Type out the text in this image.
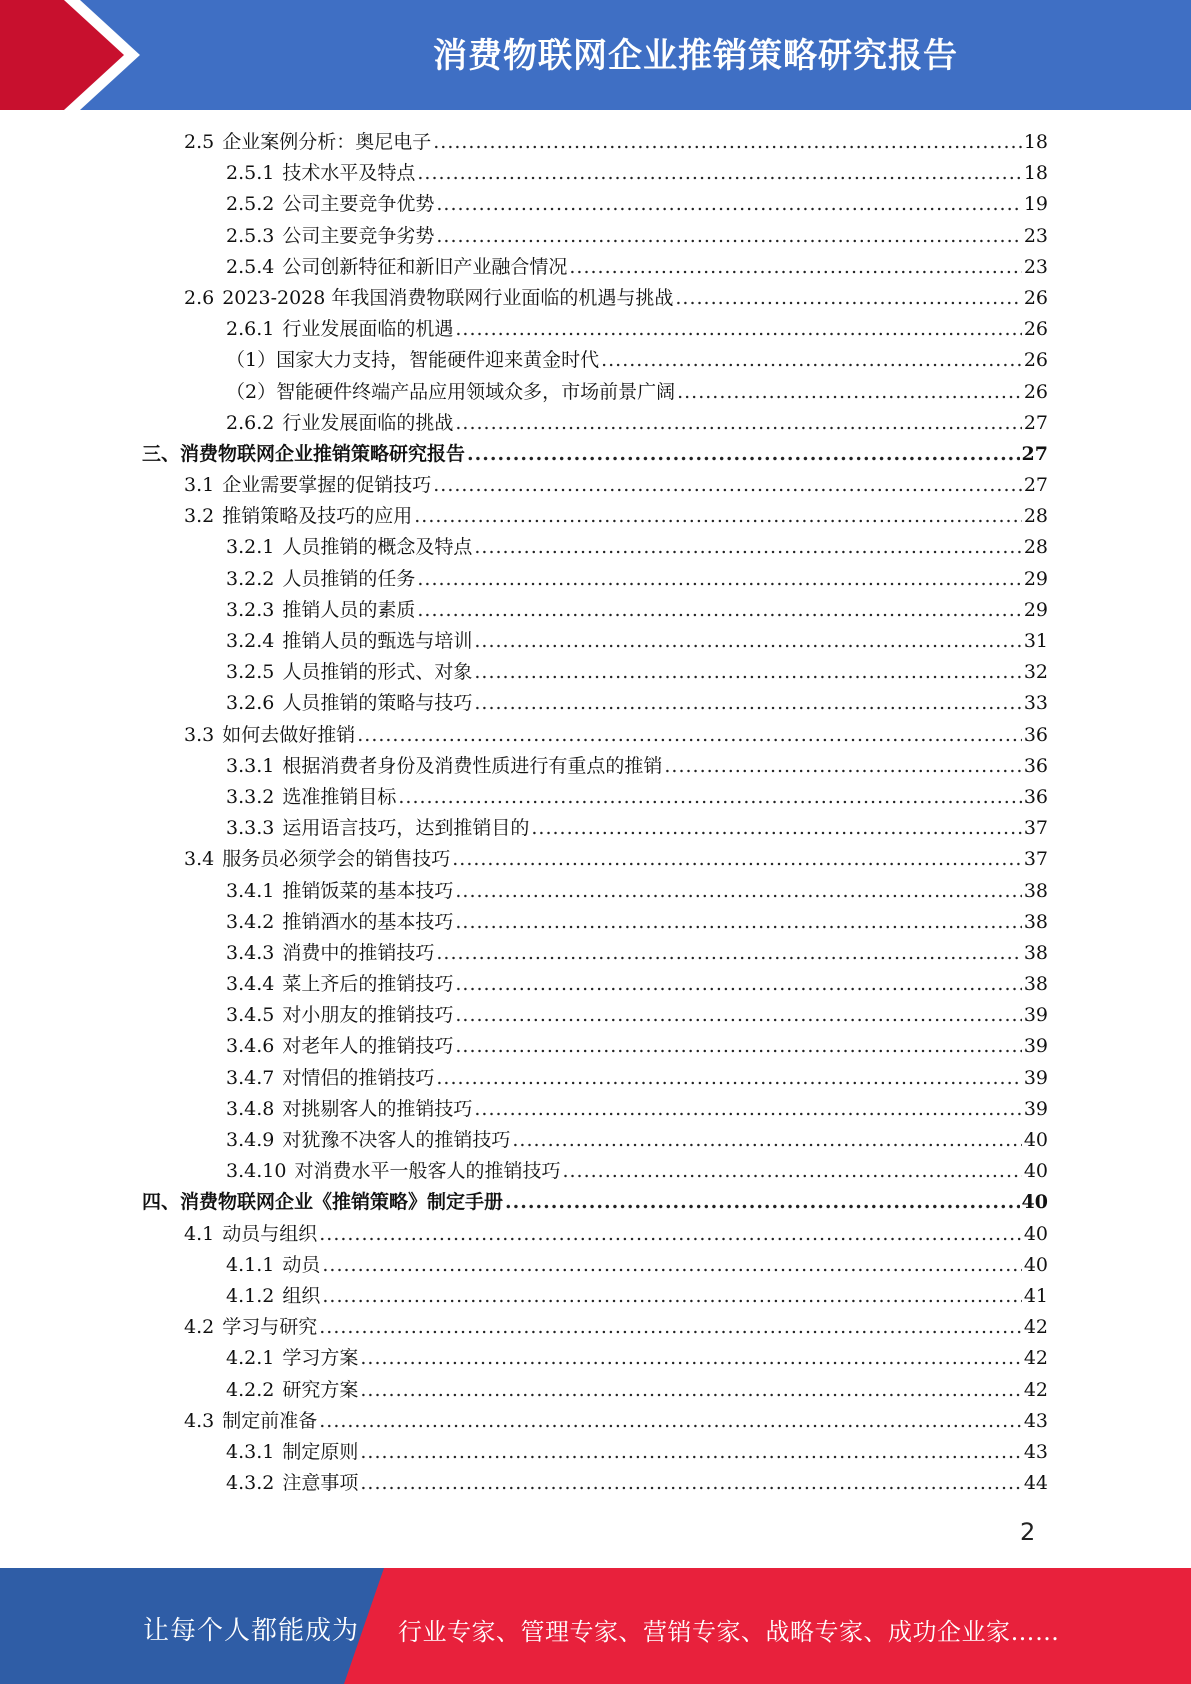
消费物联网企业推销策略研究报告
2.5 企业案例分析：奥尼电子 .....	18
2.5.1 技术水平及特点 .....	18
2.5.2 公司主要竞争优势 .....	19
2.5.3 公司主要竞争劣势 .....	23
2.5.4 公司创新特征和新旧产业融合情况 .....	23
2.6 2023-2028 年我国消费物联网行业面临的机遇与挑战 .....	26
2.6.1 行业发展面临的机遇 .....	26
（1）国家大力支持，智能硬件迎来黄金时代 .....	26
（2）智能硬件终端产品应用领域众多，市场前景广阔 .....	26
2.6.2 行业发展面临的挑战 .....	27
三、 消费物联网企业推销策略研究报告 .....	27
3.1 企业需要掌握的促销技巧 .....	27
3.2 推销策略及技巧的应用 .....	28
3.2.1 人员推销的概念及特点 .....	28
3.2.2 人员推销的任务 .....	29
3.2.3 推销人员的素质 .....	29
3.2.4 推销人员的甄选与培训 .....	31
3.2.5 人员推销的形式、对象 .....	32
3.2.6 人员推销的策略与技巧 .....	33
3.3 如何去做好推销 .....	36
3.3.1 根据消费者身份及消费性质进行有重点的推销 .....	36
3.3.2 选准推销目标 .....	36
3.3.3 运用语言技巧，达到推销目的 .....	37
3.4 服务员必须学会的销售技巧 .....	37
3.4.1 推销饭菜的基本技巧 .....	38
3.4.2 推销酒水的基本技巧 .....	38
3.4.3 消费中的推销技巧 .....	38
3.4.4 菜上齐后的推销技巧 .....	38
3.4.5 对小朋友的推销技巧 .....	39
3.4.6 对老年人的推销技巧 .....	39
3.4.7 对情侣的推销技巧 .....	39
3.4.8 对挑剔客人的推销技巧 .....	39
3.4.9 对犹豫不决客人的推销技巧 .....	40
3.4.10 对消费水平一般客人的推销技巧 .....	40
四、 消费物联网企业《推销策略》制定手册 .....	40
4.1 动员与组织 .....	40
4.1.1 动员 .....	40
4.1.2 组织 .....	41
4.2 学习与研究 .....	42
4.2.1 学习方案 .....	42
4.2.2 研究方案 .....	42
4.3 制定前准备 .....	43
4.3.1 制定原则 .....	43
4.3.2 注意事项 .....	44
2
让每个人都能成为 行业专家、管理专家、营销专家、战略专家、成功企业家……
